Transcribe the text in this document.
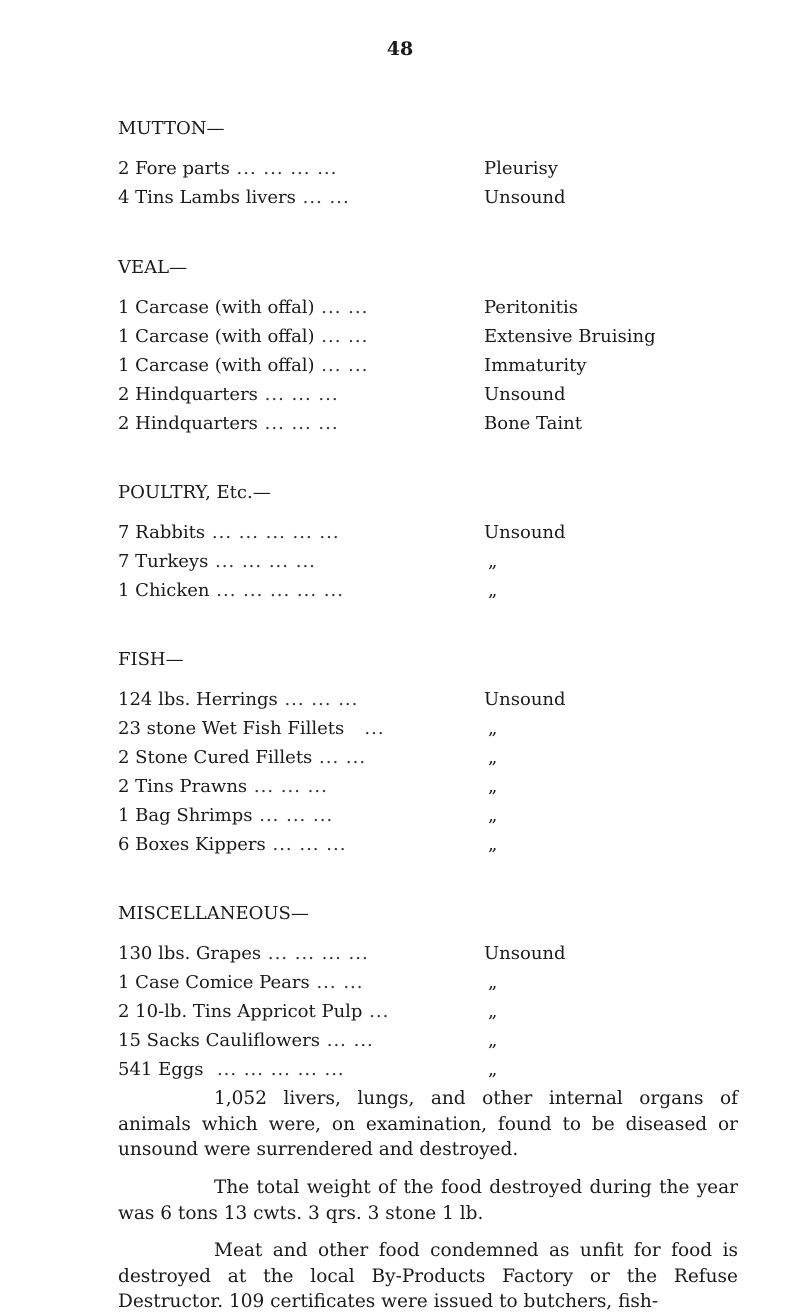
48
MUTTON—
2 Fore parts ... ... ... ...	Pleurisy
4 Tins Lambs livers ... ...	Unsound
VEAL—
1 Carcase (with offal) ... ...	Peritonitis
1 Carcase (with offal) ... ...	Extensive Bruising
1 Carcase (with offal) ... ...	Immaturity
2 Hindquarters ... ... ...	Unsound
2 Hindquarters ... ... ...	Bone Taint
POULTRY, Etc.—
7 Rabbits ... ... ... ... ...	Unsound
7 Turkeys ... ... ... ...	„
1 Chicken ... ... ... ... ...	„
FISH—
124 lbs. Herrings ... ... ...	Unsound
23 stone Wet Fish Fillets   ...	„
2 Stone Cured Fillets ... ...	„
2 Tins Prawns ... ... ...	„
1 Bag Shrimps ... ... ...	„
6 Boxes Kippers ... ... ...	„
MISCELLANEOUS—
130 lbs. Grapes ... ... ... ...	Unsound
1 Case Comice Pears ... ...	„
2 10-lb. Tins Appricot Pulp ...	„
15 Sacks Cauliflowers ... ...	„
541 Eggs  ... ... ... ... ...	„

1,052 livers, lungs, and other internal organs of animals which were, on examination, found to be diseased or unsound were surrendered and destroyed.

The total weight of the food destroyed during the year was 6 tons 13 cwts. 3 qrs. 3 stone 1 lb.

Meat and other food condemned as unfit for food is destroyed at the local By-Products Factory or the Refuse Destructor. 109 certificates were issued to butchers, fish-
